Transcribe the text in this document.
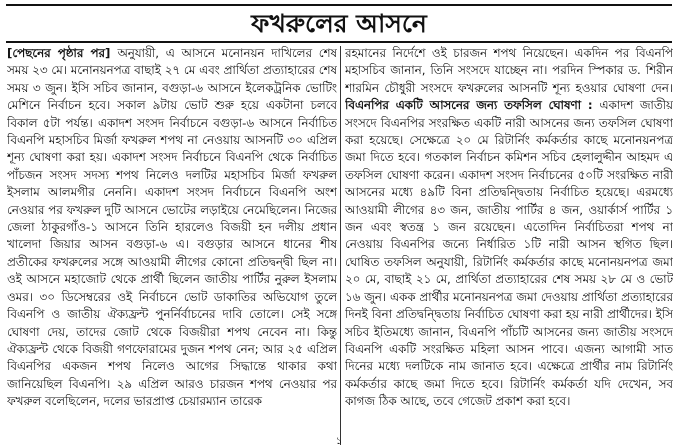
ফখরুলের আসনে
[পেছনের পৃষ্ঠার পর] অনুযায়ী, এ আসনে মনোনয়ন দাখিলের শেষ সময় ২৩ মে। মনোনয়নপত্র বাছাই ২৭ মে এবং প্রার্থিতা প্রত্যাহারের শেষ সময় ৩ জুন। ইসি সচিব জানান, বগুড়া-৬ আসনে ইলেকট্রনিক ভোটিং মেশিনে নির্বাচন হবে। সকাল ৯টায় ভোট শুরু হয়ে একটানা চলবে বিকাল ৫টা পর্যন্ত। একাদশ সংসদ নির্বাচনে বগুড়া-৬ আসনে নির্বাচিত বিএনপি মহাসচিব মির্জা ফখরুল শপথ না নেওয়ায় আসনটি ৩০ এপ্রিল শূন্য ঘোষণা করা হয়। একাদশ সংসদ নির্বাচনে বিএনপি থেকে নির্বাচিত পাঁচজন সংসদ সদস্য শপথ নিলেও দলটির মহাসচিব মির্জা ফখরুল ইসলাম আলমগীর নেননি। একাদশ সংসদ নির্বাচনে বিএনপি অংশ নেওয়ার পর ফখরুল দুটি আসনে ভোটের লড়াইয়ে নেমেছিলেন। নিজের জেলা ঠাকুরগাঁও-১ আসনে তিনি হারলেও বিজয়ী হন দলীয় প্রধান খালেদা জিয়ার আসন বগুড়া-৬ এ। বগুড়ার আসনে ধানের শীষ প্রতীকের ফখরুলের সঙ্গে আওয়ামী লীগের কোনো প্রতিদ্বন্দ্বী ছিল না। ওই আসনে মহাজোট থেকে প্রার্থী ছিলেন জাতীয় পার্টির নুরুল ইসলাম ওমর। ৩০ ডিসেম্বরের ওই নির্বাচনে ভোট ডাকাতির অভিযোগ তুলে বিএনপি ও জাতীয় ঐক্যফ্রন্ট পুনর্নির্বাচনের দাবি তোলে। সেই সঙ্গে ঘোষণা দেয়, তাদের জোট থেকে বিজয়ীরা শপথ নেবেন না। কিন্তু ঐক্যফ্রন্ট থেকে বিজয়ী গণফোরামের দুজন শপথ নেন; আর ২৫ এপ্রিল বিএনপির একজন শপথ নিলেও আগের সিদ্ধান্তে থাকার কথা জানিয়েছিল বিএনপি। ২৯ এপ্রিল আরও চারজন শপথ নেওয়ার পর ফখরুল বলেছিলেন, দলের ভারপ্রাপ্ত চেয়ারম্যান তারেক
রহমানের নির্দেশে ওই চারজন শপথ নিয়েছেন। একদিন পর বিএনপি মহাসচিব জানান, তিনি সংসদে যাচ্ছেন না। পরদিন স্পিকার ড. শিরীন শারমিন চৌধুরী সংসদে ফখরুলের আসনটি শূন্য হওয়ার ঘোষণা দেন। বিএনপির একটি আসনের জন্য তফসিল ঘোষণা : একাদশ জাতীয় সংসদে বিএনপির সংরক্ষিত একটি নারী আসনের জন্য তফসিল ঘোষণা করা হয়েছে। সেক্ষেত্রে ২০ মে রিটার্নিং কর্মকর্তার কাছে মনোনয়নপত্র জমা দিতে হবে। গতকাল নির্বাচন কমিশন সচিব হেলালুদ্দীন আহমদ এ তফসিল ঘোষণা করেন। একাদশ সংসদ নির্বাচনের ৫০টি সংরক্ষিত নারী আসনের মধ্যে ৪৯টি বিনা প্রতিদ্বন্দ্বিতায় নির্বাচিত হয়েছে। এরমধ্যে আওয়ামী লীগের ৪৩ জন, জাতীয় পার্টির ৪ জন, ওয়ার্কার্স পার্টির ১ জন এবং স্বতন্ত্র ১ জন রয়েছেন। এতোদিন নির্বাচিতরা শপথ না নেওয়ায় বিএনপির জন্যে নির্ধারিত ১টি নারী আসন স্থগিত ছিল। ঘোষিত তফসিল অনুযায়ী, রিটার্নিং কর্মকর্তার কাছে মনোনয়নপত্র জমা ২০ মে, বাছাই ২১ মে, প্রার্থিতা প্রত্যাহারের শেষ সময় ২৮ মে ও ভোট ১৬ জুন। একক প্রার্থীর মনোনয়নপত্র জমা দেওয়ায় প্রার্থিতা প্রত্যাহারের দিনই বিনা প্রতিদ্বন্দ্বিতায় নির্বাচিত ঘোষণা করা হয় নারী প্রার্থীদের। ইসি সচিব ইতিমধ্যে জানান, বিএনপি পাঁচটি আসনের জন্য জাতীয় সংসদে বিএনপি একটি সংরক্ষিত মহিলা আসন পাবে। এজন্য আগামী সাত দিনের মধ্যে দলটিকে নাম জানাত হবে। এক্ষেত্রে প্রার্থীর নাম রিটার্নিং কর্মকর্তার কাছে জমা দিতে হবে। রিটার্নিং কর্মকর্তা যদি দেখেন, সব কাগজ ঠিক আছে, তবে গেজেট প্রকাশ করা হবে।
১
